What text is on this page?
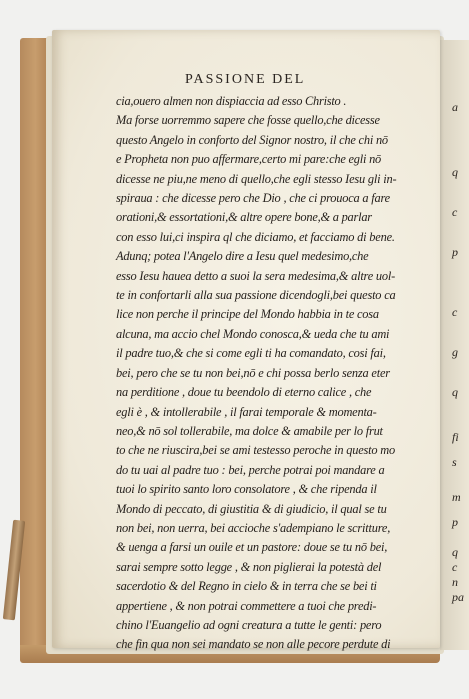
a
q
c
p
c
g
q
fi
s
m
p
q
c
n
pa
PASSIONE DEL

cia,ouero almen non dispiaccia ad esso Christo .

Ma forse uorremmo sapere che fosse quello,che dicesse

questo Angelo in conforto del Signor nostro, il che chi nō

e Propheta non puo affermare,certo mi pare:che egli nō

dicesse ne piu,ne meno di quello,che egli stesso Iesu gli in-

spiraua : che dicesse pero che Dio , che ci prouoca a fare

orationi,& essortationi,& altre opere bone,& a parlar

con esso lui,ci inspira ql che diciamo, et facciamo di bene.

Adunq; potea l'Angelo dire a Iesu quel medesimo,che

esso Iesu hauea detto a suoi la sera medesima,& altre uol-

te in confortarli alla sua passione dicendogli,bei questo ca

lice non perche il principe del Mondo habbia in te cosa

alcuna, ma accio chel Mondo conosca,& ueda che tu ami

il padre tuo,& che si come egli ti ha comandato, cosi fai,

bei, pero che se tu non bei,nō e chi possa berlo senza eter

na perditione , doue tu beendolo di eterno calice , che

egli è , & intollerabile , il farai temporale & momenta-

neo,& nō sol tollerabile, ma dolce & amabile per lo frut

to che ne riuscira,bei se ami testesso peroche in questo mo

do tu uai al padre tuo : bei, perche potrai poi mandare a

tuoi lo spirito santo loro consolatore , & che ripenda il

Mondo di peccato, di giustitia & di giudicio, il qual se tu

non bei, non uerra, bei accioche s'adempiano le scritture,

& uenga a farsi un ouile et un pastore: doue se tu nō bei,

sarai sempre sotto legge , & non piglierai la potestà del

sacerdotio & del Regno in cielo & in terra che se bei ti

appertiene , & non potrai commettere a tuoi che predi-

chino l'Euangelio ad ogni creatura a tutte le genti: pero

che fin qua non sei mandato se non alle pecore perdute di
